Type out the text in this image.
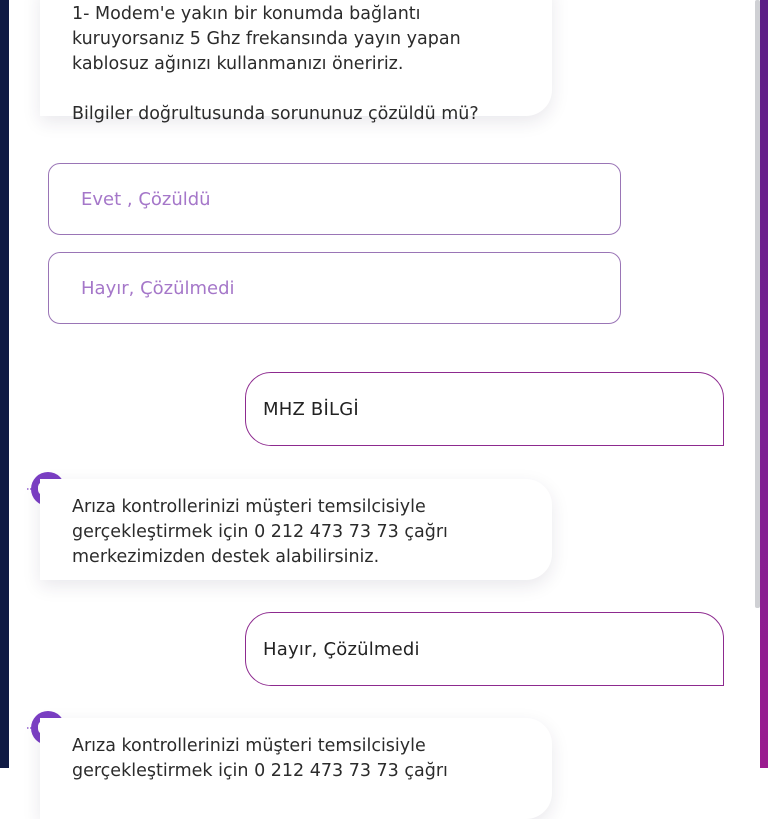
1- Modem'e yakın bir konumda bağlantı
kuruyorsanız 5 Ghz frekansında yayın yapan
kablosuz ağınızı kullanmanızı öneririz.

Bilgiler doğrultusunda sorununuz çözüldü mü?

Evet , Çözüldü
Hayır, Çözülmedi
MHZ BİLGİ

Arıza kontrollerinizi müşteri temsilcisiyle
gerçekleştirmek için 0 212 473 73 73 çağrı
merkezimizden destek alabilirsiniz.

Hayır, Çözülmedi

Arıza kontrollerinizi müşteri temsilcisiyle
gerçekleştirmek için 0 212 473 73 73 çağrı
